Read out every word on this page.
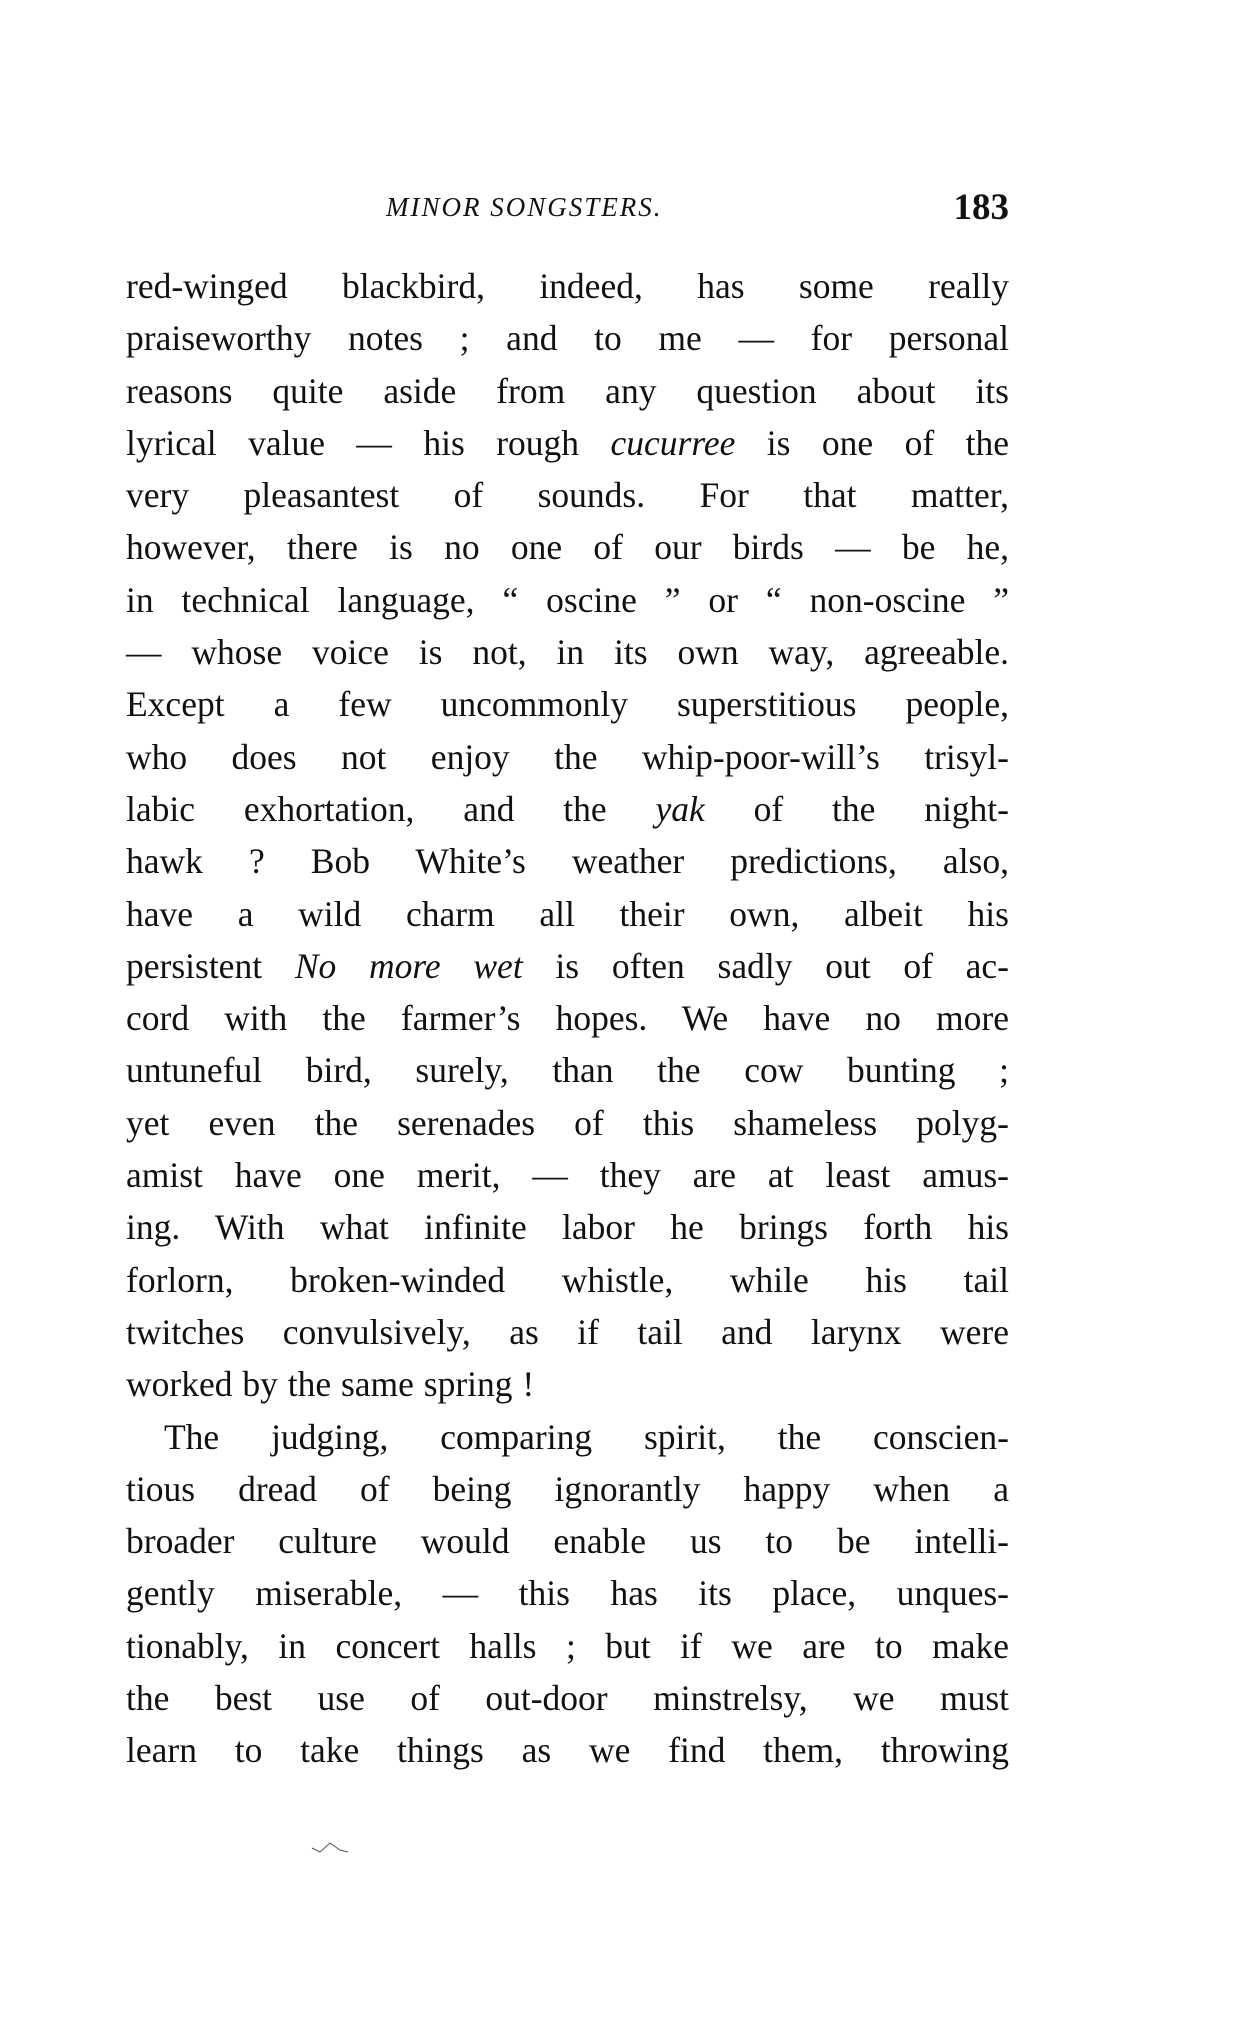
MINOR SONGSTERS.	183
red-winged blackbird, indeed, has some really
praiseworthy notes ; and to me — for personal
reasons quite aside from any question about its
lyrical value — his rough cucurree is one of the
very pleasantest of sounds. For that matter,
however, there is no one of our birds — be he,
in technical language, “ oscine ” or “ non-oscine ”
— whose voice is not, in its own way, agreeable.
Except a few uncommonly superstitious people,
who does not enjoy the whip-poor-will’s trisyl-
labic exhortation, and the yak of the night-
hawk ? Bob White’s weather predictions, also,
have a wild charm all their own, albeit his
persistent No more wet is often sadly out of ac-
cord with the farmer’s hopes. We have no more
untuneful bird, surely, than the cow bunting ;
yet even the serenades of this shameless polyg-
amist have one merit, — they are at least amus-
ing. With what infinite labor he brings forth his
forlorn, broken-winded whistle, while his tail
twitches convulsively, as if tail and larynx were
worked by the same spring !
The judging, comparing spirit, the conscien-
tious dread of being ignorantly happy when a
broader culture would enable us to be intelli-
gently miserable, — this has its place, unques-
tionably, in concert halls ; but if we are to make
the best use of out-door minstrelsy, we must
learn to take things as we find them, throwing
